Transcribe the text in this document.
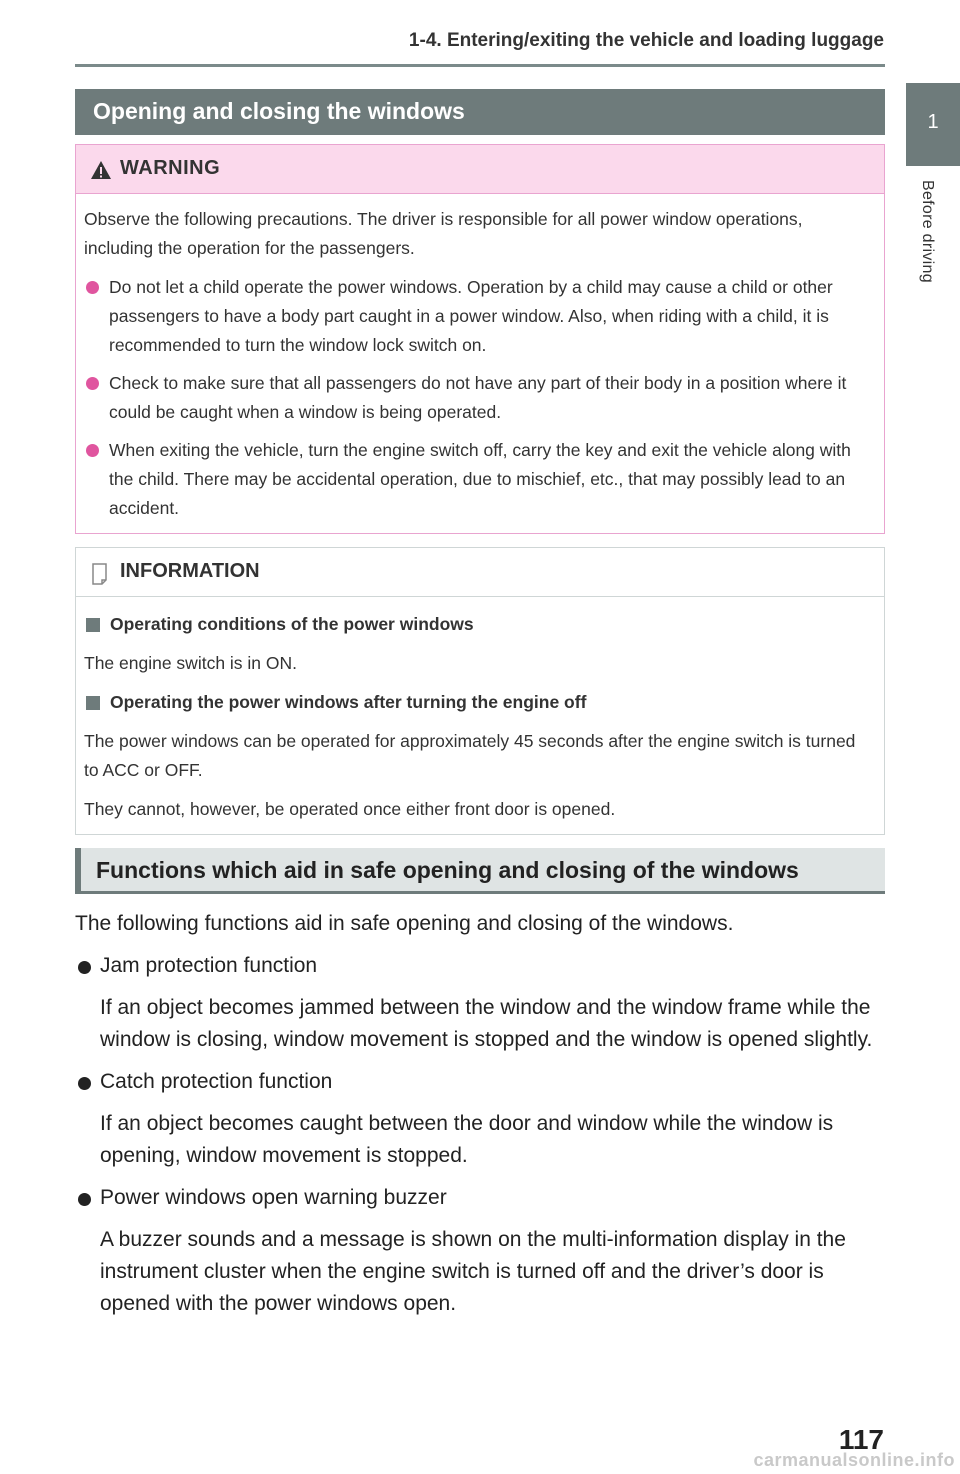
1-4. Entering/exiting the vehicle and loading luggage
1
Before driving
Opening and closing the windows
WARNING

Observe the following precautions. The driver is responsible for all power window operations, including the operation for the passengers.

Do not let a child operate the power windows. Operation by a child may cause a child or other passengers to have a body part caught in a power window. Also, when riding with a child, it is recommended to turn the window lock switch on.
Check to make sure that all passengers do not have any part of their body in a position where it could be caught when a window is being operated.
When exiting the vehicle, turn the engine switch off, carry the key and exit the vehicle along with the child. There may be accidental operation, due to mischief, etc., that may possibly lead to an accident.
INFORMATION
Operating conditions of the power windows

The engine switch is in ON.

Operating the power windows after turning the engine off

The power windows can be operated for approximately 45 seconds after the engine switch is turned to ACC or OFF.

They cannot, however, be operated once either front door is opened.

Functions which aid in safe opening and closing of the windows

The following functions aid in safe opening and closing of the windows.

Jam protection function

If an object becomes jammed between the window and the window frame while the window is closing, window movement is stopped and the window is opened slightly.

Catch protection function

If an object becomes caught between the door and window while the window is opening, window movement is stopped.

Power windows open warning buzzer

A buzzer sounds and a message is shown on the multi-information display in the instrument cluster when the engine switch is turned off and the driver’s door is opened with the power windows open.

117
carmanualsonline.info
